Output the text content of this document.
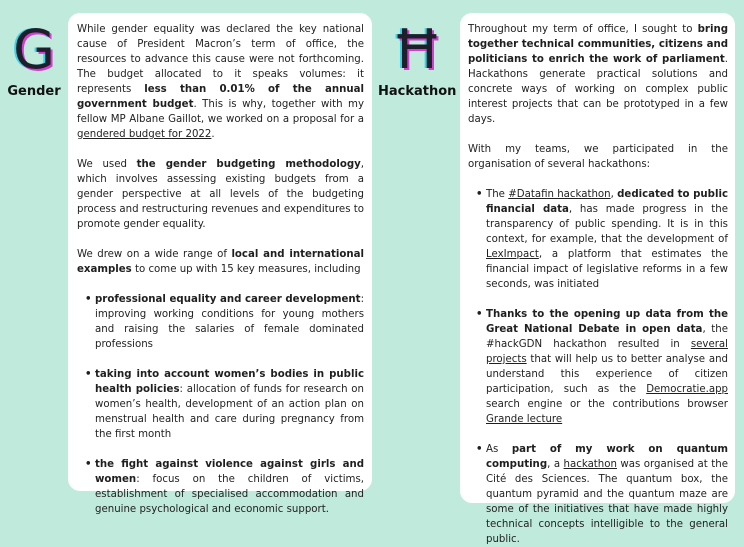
G
Gender

While gender equality was declared the key national cause of President Macron’s term of office, the resources to advance this cause were not forthcoming. The budget allocated to it speaks volumes: it represents less than 0.01% of the annual government budget. This is why, together with my fellow MP Albane Gaillot, we worked on a proposal for a gendered budget for 2022.

We used the gender budgeting methodology, which involves assessing existing budgets from a gender perspective at all levels of the budgeting process and restructuring revenues and expenditures to promote gender equality.

We drew on a wide range of local and international examples to come up with 15 key measures, including

• professional equality and career development: improving working conditions for young mothers and raising the salaries of female dominated professions
• taking into account women’s bodies in public health policies: allocation of funds for research on women’s health, development of an action plan on menstrual health and care during pregnancy from the first month
• the fight against violence against girls and women: focus on the children of victims, establishment of specialised accommodation and genuine psychological and economic support.
Ħ
Hackathon

Throughout my term of office, I sought to bring together technical communities, citizens and politicians to enrich the work of parliament. Hackathons generate practical solutions and concrete ways of working on complex public interest projects that can be prototyped in a few days.

With my teams, we participated in the organisation of several hackathons:

• The #Datafin hackathon, dedicated to public financial data, has made progress in the transparency of public spending. It is in this context, for example, that the development of LexImpact, a platform that estimates the financial impact of legislative reforms in a few seconds, was initiated
• Thanks to the opening up data from the Great National Debate in open data, the #hackGDN hackathon resulted in several projects that will help us to better analyse and understand this experience of citizen participation, such as the Democratie.app search engine or the contributions browser Grande lecture
• As part of my work on quantum computing, a hackathon was organised at the Cité des Sciences. The quantum box, the quantum pyramid and the quantum maze are some of the initiatives that have made highly technical concepts intelligible to the general public.
